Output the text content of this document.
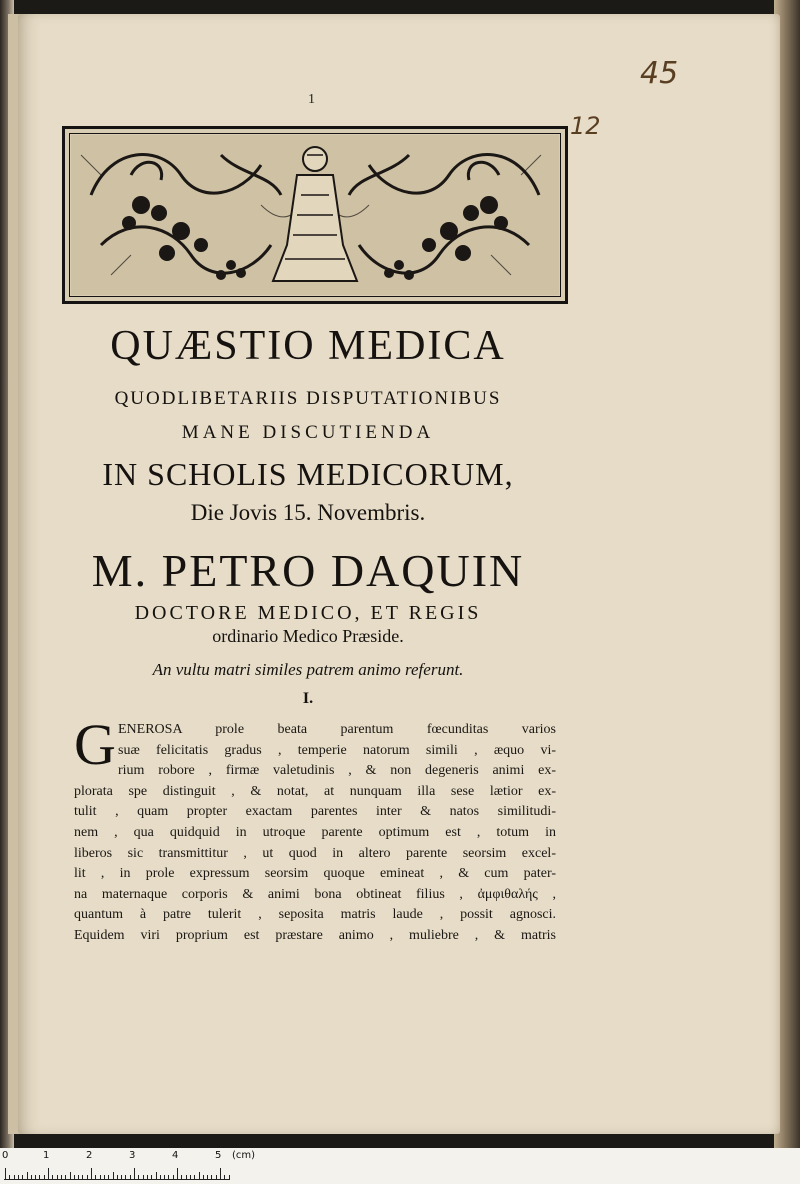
45
12
1
QUÆSTIO MEDICA
QUODLIBETARIIS DISPUTATIONIBUS
MANE DISCUTIENDA
IN SCHOLIS MEDICORUM,
Die Jovis 15. Novembris.
M. PETRO DAQUIN
DOCTORE MEDICO, ET REGIS
ordinario Medico Præside.
An vultu matri similes patrem animo referunt.
I.
G ENEROSA prole beata parentum fœcunditas varios
suæ felicitatis gradus , temperie natorum simili , æquo vi-
rium robore , firmæ valetudinis , & non degeneris animi ex-
plorata spe distinguit , & notat, at nunquam illa sese lætior ex-
tulit , quam propter exactam parentes inter & natos similitudi-
nem , qua quidquid in utroque parente optimum est , totum in
liberos sic transmittitur , ut quod in altero parente seorsim excel-
lit , in prole expressum seorsim quoque emineat , & cum pater-
na maternaque corporis & animi bona obtineat filius , ἀμφιθαλής ,
quantum à patre tulerit , seposita matris laude , possit agnosci.
Equidem viri proprium est præstare animo , muliebre , & matris
0	1	2	3	4	5 (cm)
